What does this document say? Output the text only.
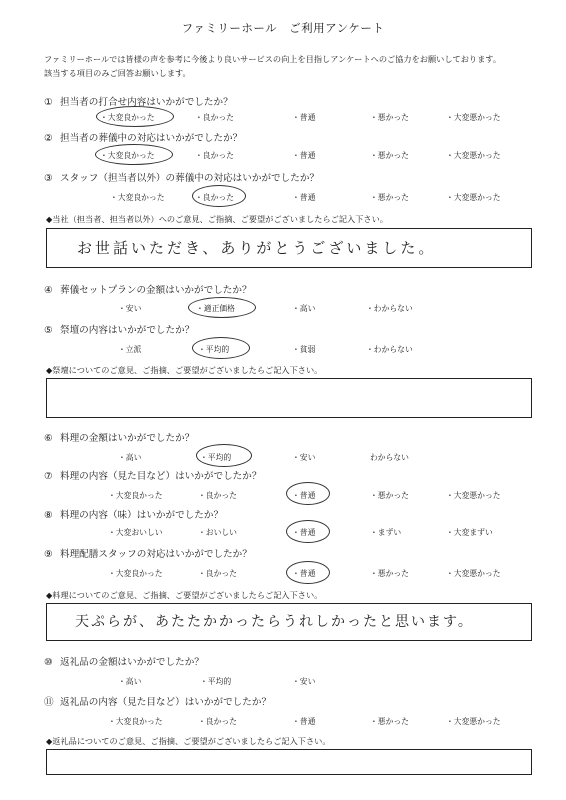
ファミリーホール　ご利用アンケート
ファミリーホールでは皆様の声を参考に今後より良いサービスの向上を目指しアンケートへのご協力をお願いしております。
該当する項目のみご回答お願いします。
① 担当者の打合せ内容はいかがでしたか？
・大変良かった	・良かった	・普通	・悪かった	・大変悪かった
② 担当者の葬儀中の対応はいかがでしたか？
・大変良かった	・良かった	・普通	・悪かった	・大変悪かった
③ スタッフ（担当者以外）の葬儀中の対応はいかがでしたか？
・大変良かった	・良かった	・普通	・悪かった	・大変悪かった
◆当社（担当者、担当者以外）へのご意見、ご指摘、ご要望がございましたらご記入下さい。
お世話いただき、ありがとうございました。
④ 葬儀セットプランの金額はいかがでしたか？
・安い	・適正価格	・高い	・わからない
⑤ 祭壇の内容はいかがでしたか？
・立派	・平均的	・貧弱	・わからない
◆祭壇についてのご意見、ご指摘、ご要望がございましたらご記入下さい。
⑥ 料理の金額はいかがでしたか？
・高い	・平均的	・安い	わからない
⑦ 料理の内容（見た目など）はいかがでしたか？
・大変良かった	・良かった	・普通	・悪かった	・大変悪かった
⑧ 料理の内容（味）はいかがでしたか？
・大変おいしい	・おいしい	・普通	・まずい	・大変まずい
⑨ 料理配膳スタッフの対応はいかがでしたか？
・大変良かった	・良かった	・普通	・悪かった	・大変悪かった
◆料理についてのご意見、ご指摘、ご要望がございましたらご記入下さい。
天ぷらが、あたたかかったらうれしかったと思います。
⑩ 返礼品の金額はいかがでしたか？
・高い	・平均的	・安い
⑪ 返礼品の内容（見た目など）はいかがでしたか？
・大変良かった	・良かった	・普通	・悪かった	・大変悪かった
◆返礼品についてのご意見、ご指摘、ご要望がございましたらご記入下さい。
